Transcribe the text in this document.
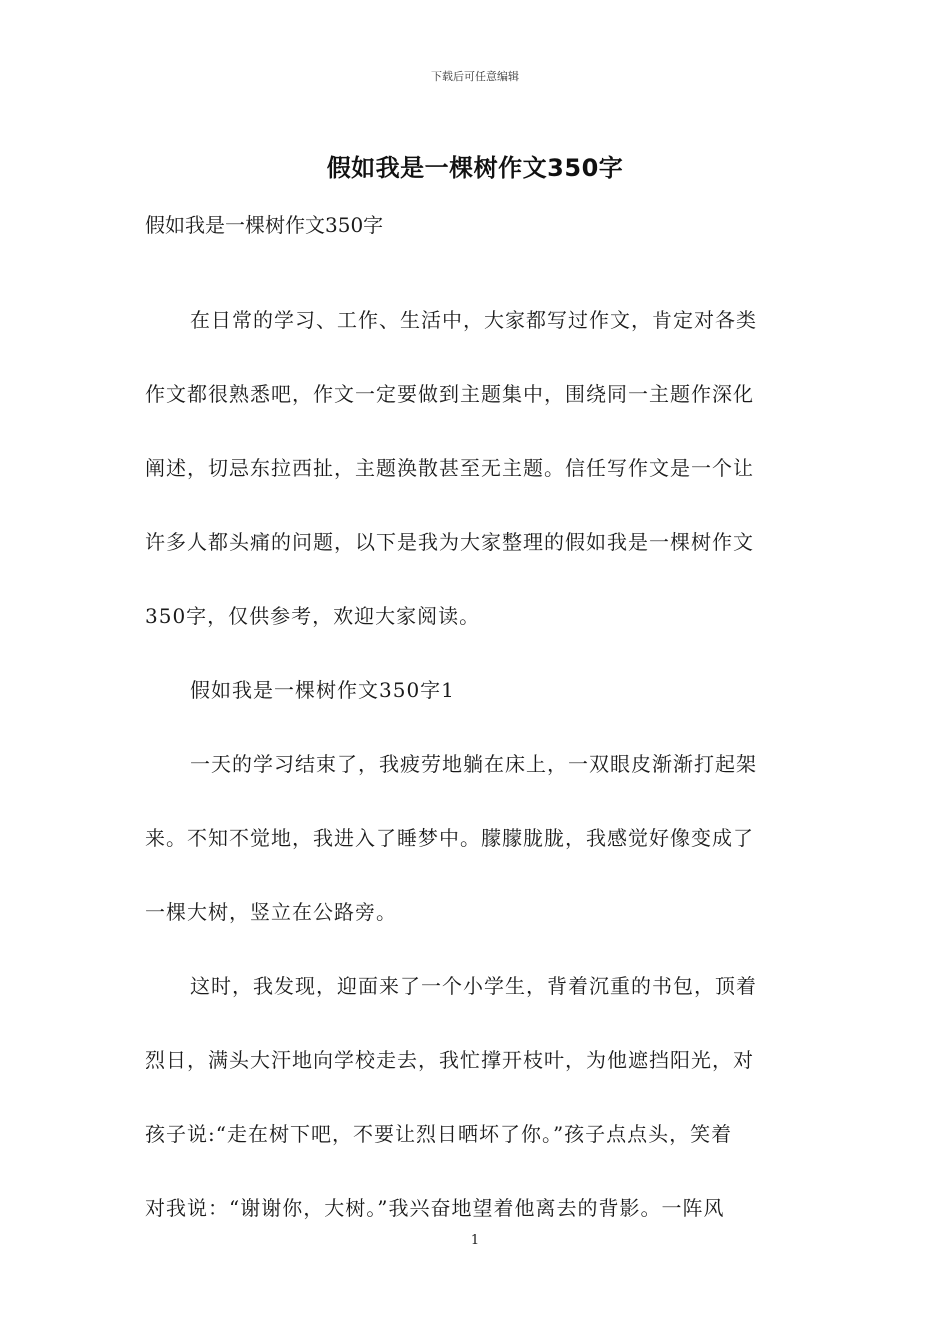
下载后可任意编辑
假如我是一棵树作文350字
假如我是一棵树作文350字
在日常的学习、工作、生活中，大家都写过作文，肯定对各类
作文都很熟悉吧，作文一定要做到主题集中，围绕同一主题作深化
阐述，切忌东拉西扯，主题涣散甚至无主题。信任写作文是一个让
许多人都头痛的问题，以下是我为大家整理的假如我是一棵树作文
350字，仅供参考，欢迎大家阅读。
假如我是一棵树作文350字1
一天的学习结束了，我疲劳地躺在床上，一双眼皮渐渐打起架
来。不知不觉地，我进入了睡梦中。朦朦胧胧，我感觉好像变成了
一棵大树，竖立在公路旁。
这时，我发现，迎面来了一个小学生，背着沉重的书包，顶着
烈日，满头大汗地向学校走去，我忙撑开枝叶，为他遮挡阳光，对
孩子说:“走在树下吧，不要让烈日晒坏了你。”孩子点点头，笑着
对我说：“谢谢你，大树。”我兴奋地望着他离去的背影。一阵风
1
